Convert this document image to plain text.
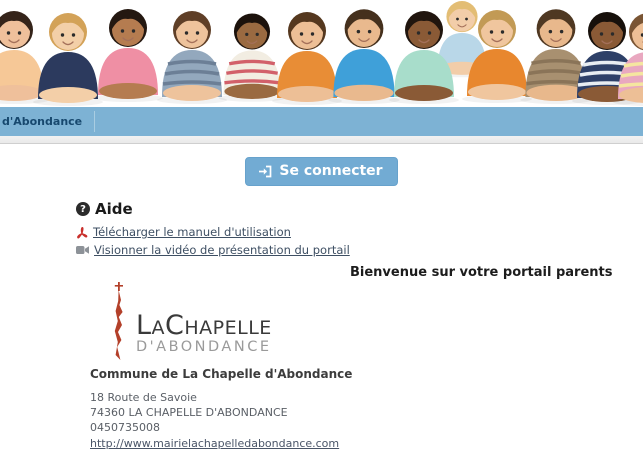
d'Abondance
Se connecter
? Aide
Télécharger le manuel d'utilisation
Visionner la vidéo de présentation du portail
Bienvenue sur votre portail parents
LaChapelle
D'ABONDANCE
Commune de La Chapelle d'Abondance
18 Route de Savoie
74360 LA CHAPELLE D'ABONDANCE
0450735008
http://www.mairielachapelledabondance.com
